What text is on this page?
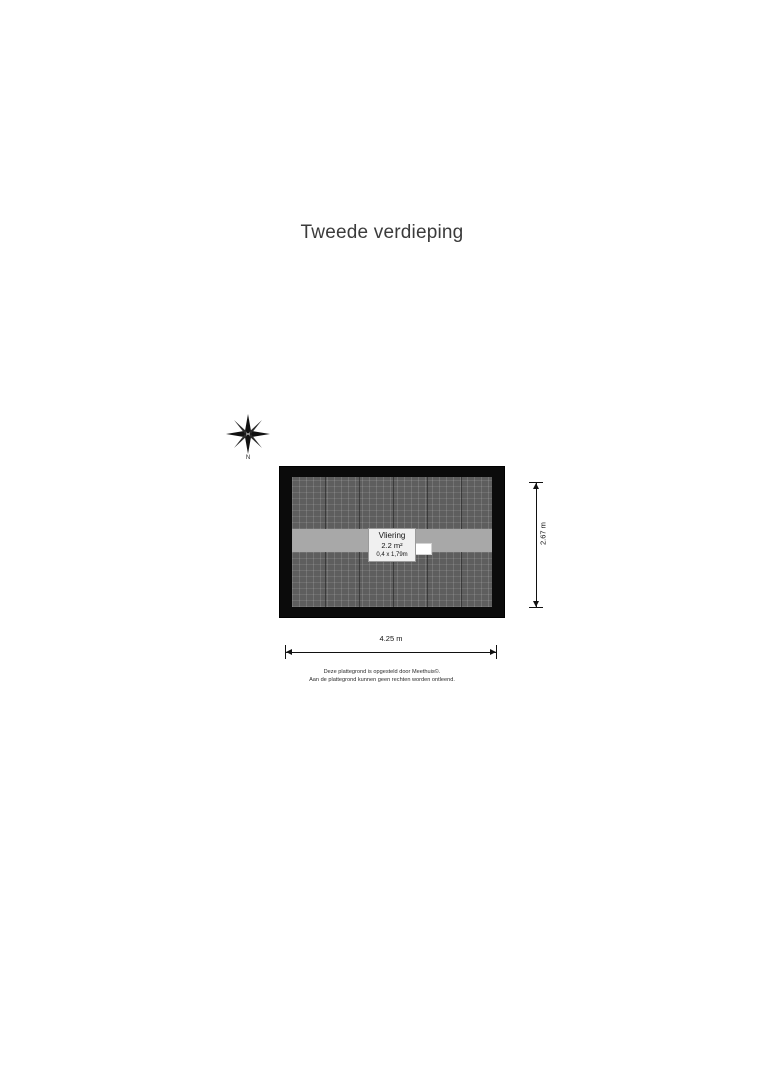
Tweede verdieping
N
Vliering
2.2 m²
0,4 x 1,79m
2.67 m
4.25 m
Deze plattegrond is opgesteld door Meethuis©.
Aan de plattegrond kunnen geen rechten worden ontleend.
